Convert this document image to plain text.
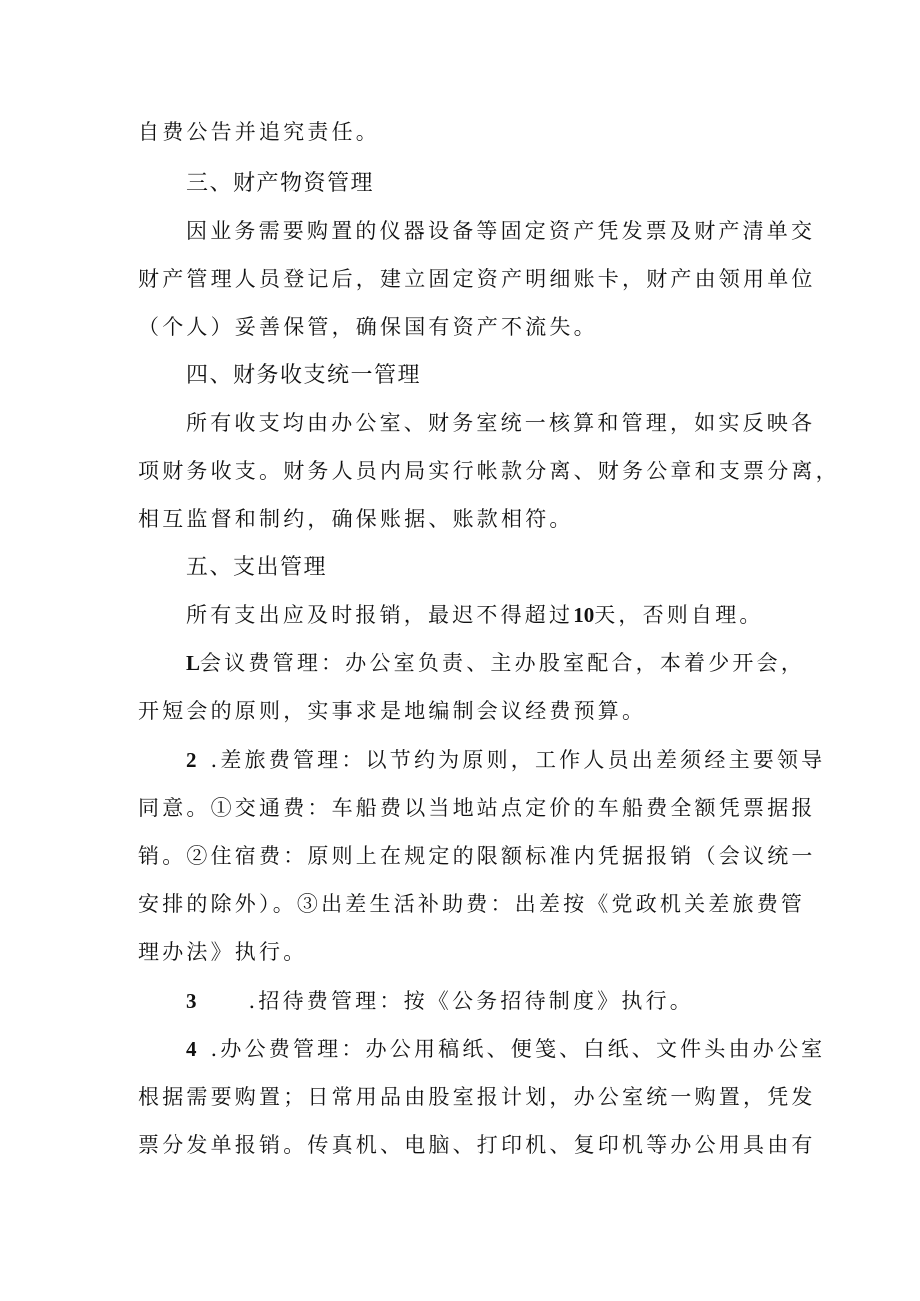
自费公告并追究责任。
三、财产物资管理
因业务需要购置的仪器设备等固定资产凭发票及财产清单交
财产管理人员登记后，建立固定资产明细账卡，财产由领用单位
（个人）妥善保管，确保国有资产不流失。
四、财务收支统一管理
所有收支均由办公室、财务室统一核算和管理，如实反映各
项财务收支。财务人员内局实行帐款分离、财务公章和支票分离，
相互监督和制约，确保账据、账款相符。
五、支出管理
所有支出应及时报销，最迟不得超过10天，否则自理。
L会议费管理：办公室负责、主办股室配合，本着少开会，
开短会的原则，实事求是地编制会议经费预算。
2 .差旅费管理：以节约为原则，工作人员出差须经主要领导
同意。①交通费：车船费以当地站点定价的车船费全额凭票据报
销。②住宿费：原则上在规定的限额标准内凭据报销（会议统一
安排的除外）。③出差生活补助费：出差按《党政机关差旅费管
理办法》执行。
3 .招待费管理：按《公务招待制度》执行。
4 .办公费管理：办公用稿纸、便笺、白纸、文件头由办公室
根据需要购置；日常用品由股室报计划，办公室统一购置，凭发
票分发单报销。传真机、电脑、打印机、复印机等办公用具由有
